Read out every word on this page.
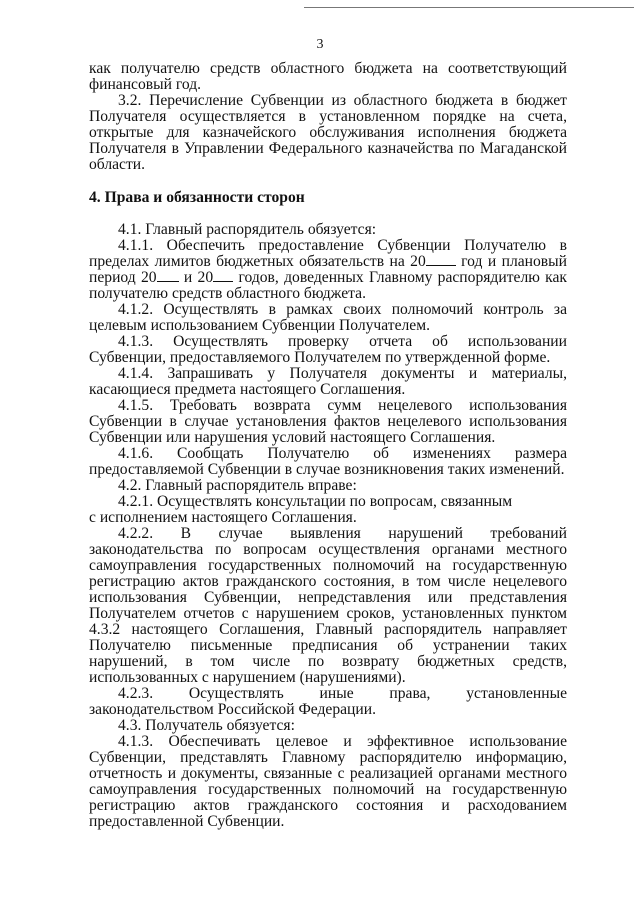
3

как получателю средств областного бюджета на соответствующий финансовый год.

3.2. Перечисление Субвенции из областного бюджета в бюджет Получателя осуществляется в установленном порядке на счета, открытые для казначейского обслуживания исполнения бюджета Получателя в Управлении Федерального казначейства по Магаданской области.

4. Права и обязанности сторон

4.1. Главный распорядитель обязуется:

4.1.1. Обеспечить предоставление Субвенции Получателю в пределах лимитов бюджетных обязательств на 20 год и плановый период 20 и 20 годов, доведенных Главному распорядителю как получателю средств областного бюджета.

4.1.2. Осуществлять в рамках своих полномочий контроль за целевым использованием Субвенции Получателем.

4.1.3. Осуществлять проверку отчета об использовании Субвенции, предоставляемого Получателем по утвержденной форме.

4.1.4. Запрашивать у Получателя документы и материалы, касающиеся предмета настоящего Соглашения.

4.1.5. Требовать возврата сумм нецелевого использования Субвенции в случае установления фактов нецелевого использования Субвенции или нарушения условий настоящего Соглашения.

4.1.6. Сообщать Получателю об изменениях размера предоставляемой Субвенции в случае возникновения таких изменений.

4.2. Главный распорядитель вправе:

4.2.1. Осуществлять консультации по вопросам, связанным

с исполнением настоящего Соглашения.

4.2.2. В случае выявления нарушений требований законодательства по вопросам осуществления органами местного самоуправления государственных полномочий на государственную регистрацию актов гражданского состояния, в том числе нецелевого использования Субвенции, непредставления или представления Получателем отчетов с нарушением сроков, установленных пунктом 4.3.2 настоящего Соглашения, Главный распорядитель направляет Получателю письменные предписания об устранении таких нарушений, в том числе по возврату бюджетных средств, использованных с нарушением (нарушениями).

4.2.3. Осуществлять иные права, установленные законодательством Российской Федерации.

4.3. Получатель обязуется:

4.1.3. Обеспечивать целевое и эффективное использование Субвенции, представлять Главному распорядителю информацию, отчетность и документы, связанные с реализацией органами местного самоуправления государственных полномочий на государственную регистрацию актов гражданского состояния и расходованием предоставленной Субвенции.
